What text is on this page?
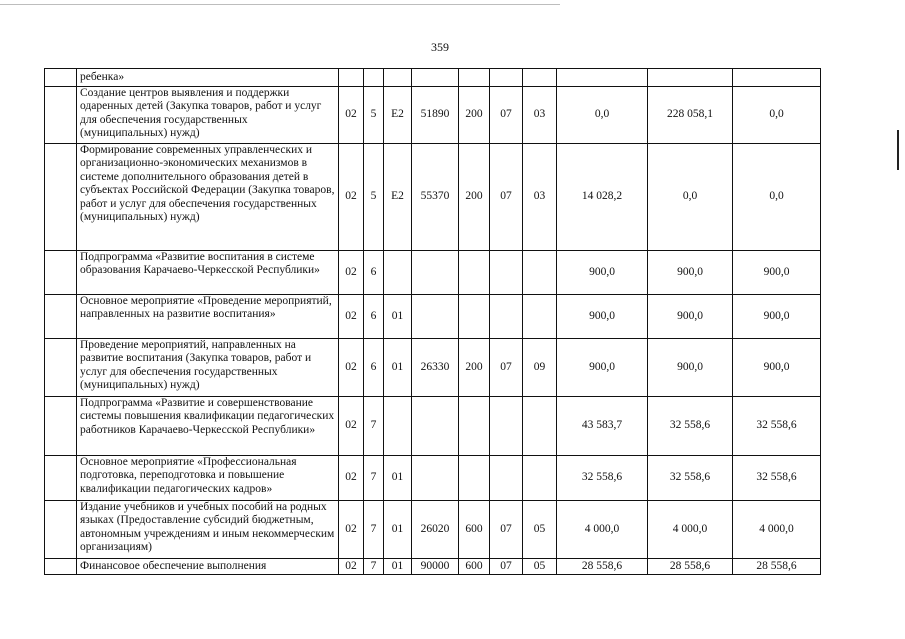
359
	ребенка»										
	Создание центров выявления и поддержки одаренных детей (Закупка товаров, работ и услуг для обеспечения государственных (муниципальных) нужд)	02	5	E2	51890	200	07	03	0,0	228 058,1	0,0
	Формирование современных управленческих и организационно-экономических механизмов в системе дополнительного образования детей в субъектах Российской Федерации (Закупка товаров, работ и услуг для обеспечения государственных (муниципальных) нужд)	02	5	E2	55370	200	07	03	14 028,2	0,0	0,0
	Подпрограмма «Развитие воспитания в системе образования Карачаево-Черкесской Республики»	02	6						900,0	900,0	900,0
	Основное мероприятие «Проведение мероприятий, направленных на развитие воспитания»	02	6	01					900,0	900,0	900,0
	Проведение мероприятий, направленных на развитие воспитания (Закупка товаров, работ и услуг для обеспечения государственных (муниципальных) нужд)	02	6	01	26330	200	07	09	900,0	900,0	900,0
	Подпрограмма «Развитие и совершенствование системы повышения квалификации педагогических работников Карачаево-Черкесской Республики»	02	7						43 583,7	32 558,6	32 558,6
	Основное мероприятие «Профессиональная подготовка, переподготовка и повышение квалификации педагогических кадров»	02	7	01					32 558,6	32 558,6	32 558,6
	Издание учебников и учебных пособий на родных языках (Предоставление субсидий бюджетным, автономным учреждениям и иным некоммерческим организациям)	02	7	01	26020	600	07	05	4 000,0	4 000,0	4 000,0
	Финансовое обеспечение выполнения	02	7	01	90000	600	07	05	28 558,6	28 558,6	28 558,6
